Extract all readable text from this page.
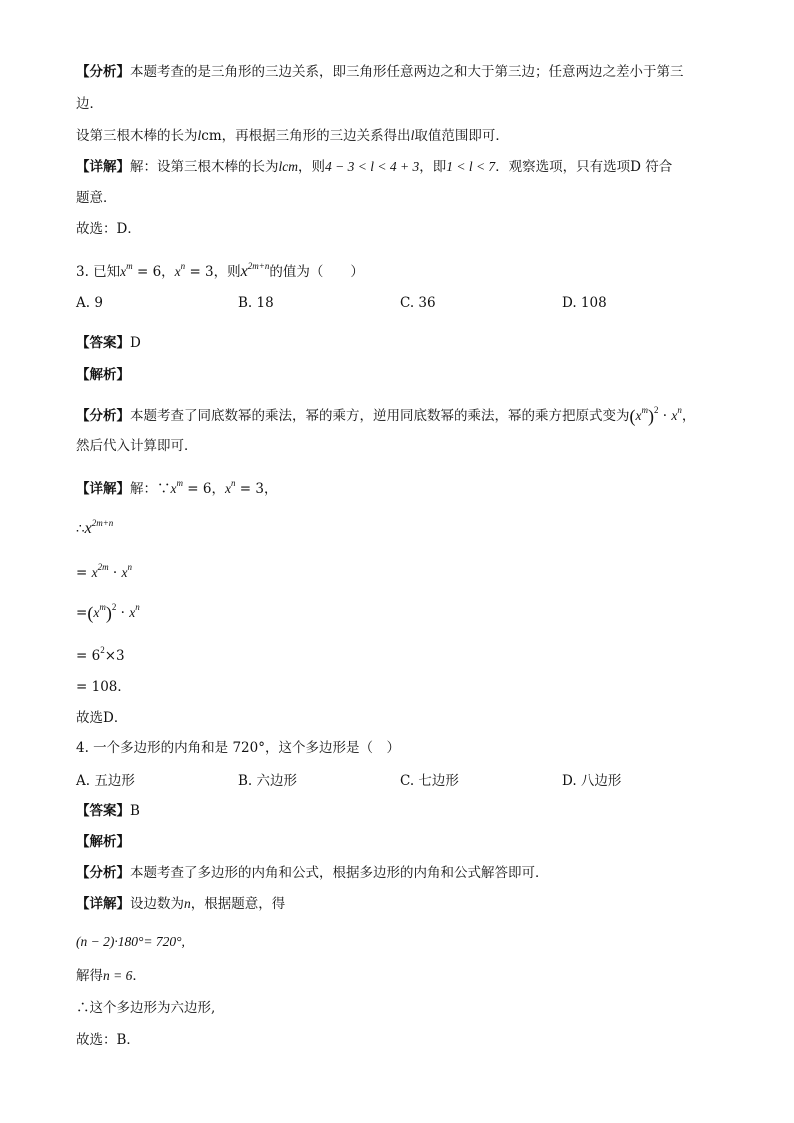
【分析】本题考查的是三角形的三边关系，即三角形任意两边之和大于第三边；任意两边之差小于第三
边．
设第三根木棒的长为lcm，再根据三角形的三边关系得出l取值范围即可．
【详解】解：设第三根木棒的长为lcm，则4 − 3 < l < 4 + 3，即1 < l < 7．观察选项，只有选项D 符合
题意．
故选：D．
3. 已知$x^m = 6$，$x^n = 3$，则$x^{2m+n}$的值为（　　）
A. 9	B. 18	C. 36	D. 108
【答案】D
【解析】
【分析】本题考查了同底数幂的乘法，幂的乘方，逆用同底数幂的乘法，幂的乘方把原式变为$(x^m)^2 \cdot x^n$，
然后代入计算即可．
【详解】解：$\because x^m = 6$，$x^n = 3$，
$\therefore x^{2m+n}$
= $x^{2m} \cdot x^n$
$=(x^m)^2 \cdot x^n$
= $6^2\times 3$
= 108．
故选D．
4. 一个多边形的内角和是 720°，这个多边形是（　）
A. 五边形	B. 六边形	C. 七边形	D. 八边形
【答案】B
【解析】
【分析】本题考查了多边形的内角和公式，根据多边形的内角和公式解答即可．
【详解】设边数为n，根据题意，得
(n − 2)·180°= 720°,
解得n = 6．
∴这个多边形为六边形,
故选：B．
